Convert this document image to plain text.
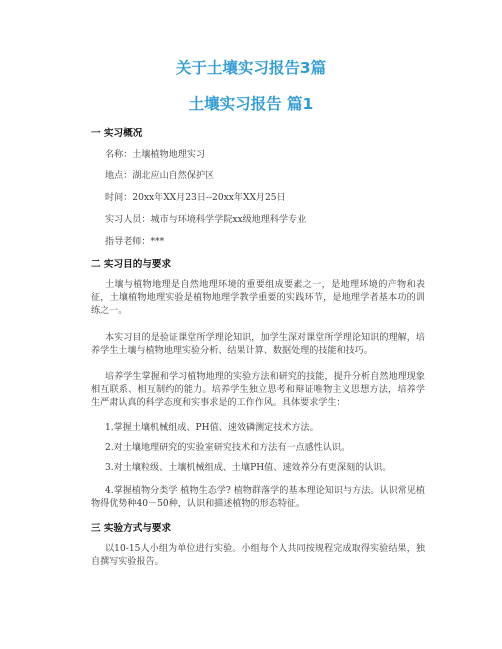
关于土壤实习报告3篇
土壤实习报告 篇1
一 实习概况
名称：土壤植物地理实习
地点：湖北应山自然保护区
时间：20xx年XX月23日--20xx年XX月25日
实习人员：城市与环境科学学院xx级地理科学专业
指导老师：***
二 实习目的与要求
土壤与植物地理是自然地理环境的重要组成要素之一，是地理环境的产物和表征，土壤植物地理实验是植物地理学教学重要的实践环节，是地理学者基本功的训练之一。
本实习目的是验证课堂所学理论知识，加学生深对课堂所学理论知识的理解，培养学生土壤与植物地理实验分析、结果计算、数据处理的技能和技巧。
培养学生掌握和学习植物地理的实验方法和研究的技能，提升分析自然地理现象相互联系、相互制约的能力。培养学生独立思考和辩证唯物主义思想方法，培养学生严肃认真的科学态度和实事求是的工作作风。具体要求学生：
1.掌握土壤机械组成、PH值、速效磷测定技术方法。
2.对土壤地理研究的实验室研究技术和方法有一点感性认识。
3.对土壤粒级、土壤机械组成、土壤PH值、速效养分有更深刻的认识。
4.掌握植物分类学 植物生态学? 植物群落学的基本理论知识与方法。认识常见植物得优势种40－50种，认识和描述植物的形态特征。
三 实验方式与要求
以10-15人小组为单位进行实验。小组每个人共同按规程完成取得实验结果，独自撰写实验报告。
